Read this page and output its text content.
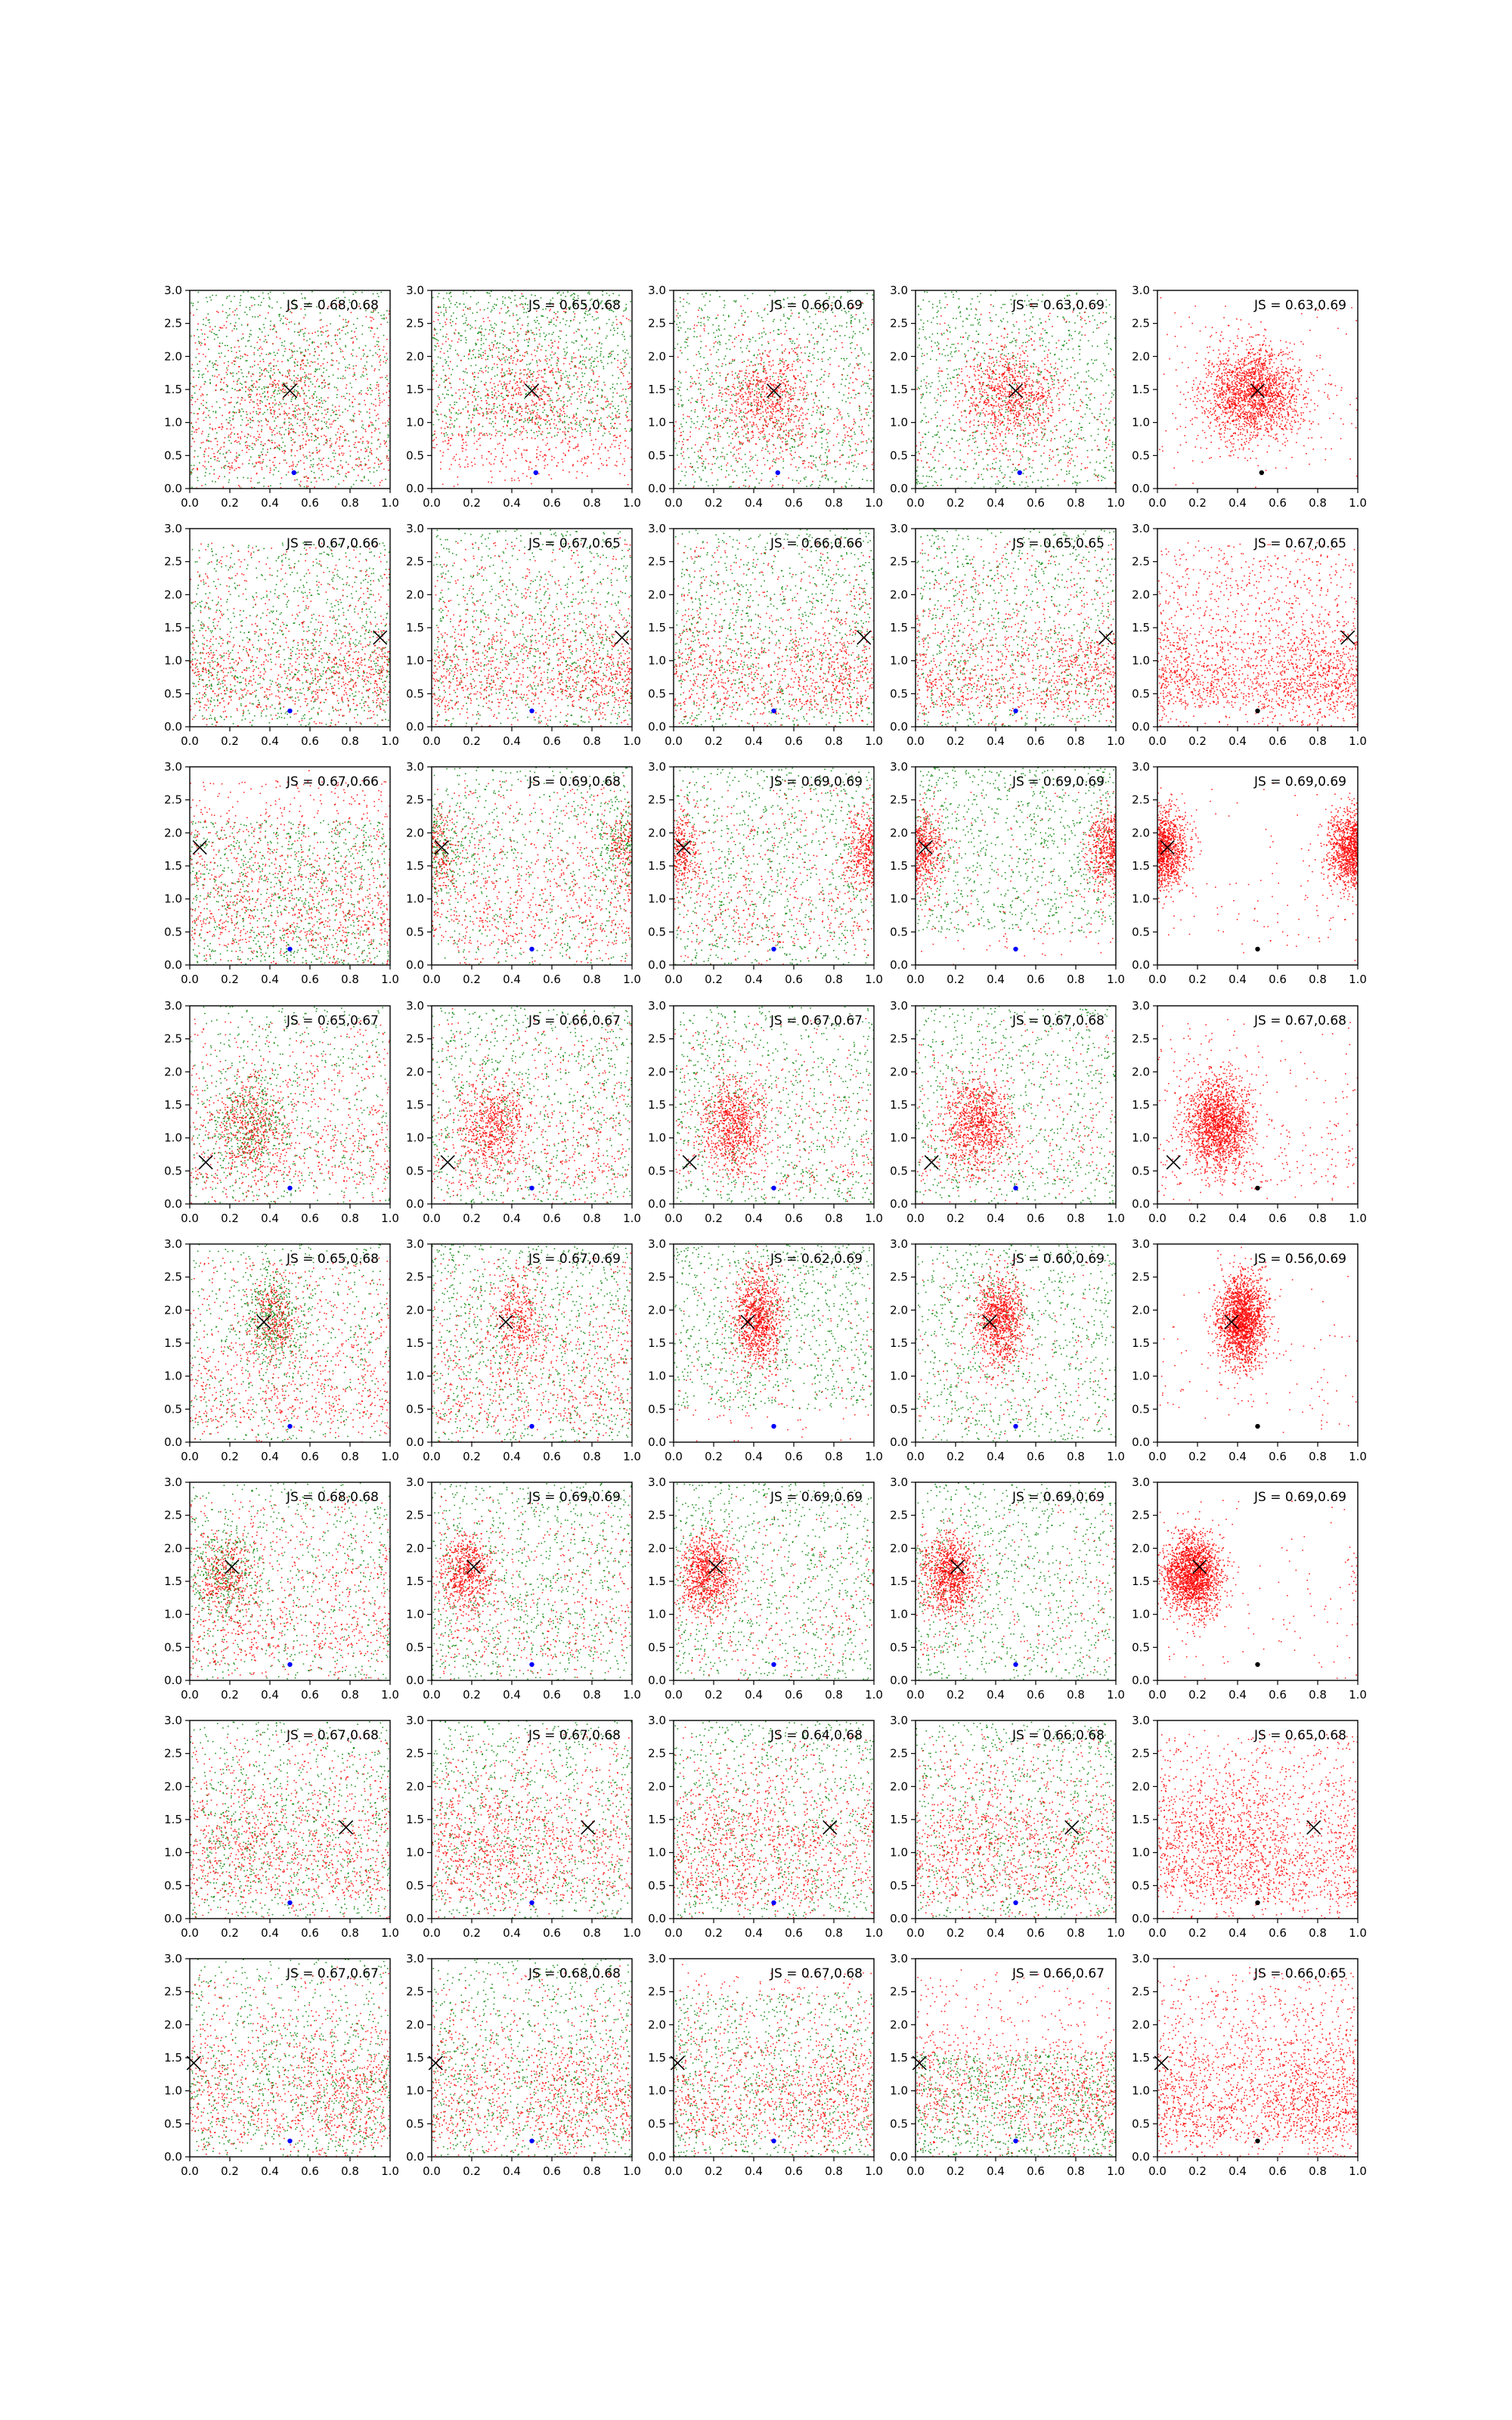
0.0 0.2 0.4 0.6 0.8 1.0
0.0
0.5
1.0
1.5
2.0
2.5
3.0
JS = 0.68,0.68
0.0 0.2 0.4 0.6 0.8 1.0
0.0
0.5
1.0
1.5
2.0
2.5
3.0
JS = 0.65,0.68
0.0 0.2 0.4 0.6 0.8 1.0
0.0
0.5
1.0
1.5
2.0
2.5
3.0
JS = 0.66,0.69
0.0 0.2 0.4 0.6 0.8 1.0
0.0
0.5
1.0
1.5
2.0
2.5
3.0
JS = 0.63,0.69
0.0 0.2 0.4 0.6 0.8 1.0
0.0
0.5
1.0
1.5
2.0
2.5
3.0
JS = 0.63,0.69
0.0 0.2 0.4 0.6 0.8 1.0
0.0
0.5
1.0
1.5
2.0
2.5
3.0
JS = 0.67,0.66
0.0 0.2 0.4 0.6 0.8 1.0
0.0
0.5
1.0
1.5
2.0
2.5
3.0
JS = 0.67,0.65
0.0 0.2 0.4 0.6 0.8 1.0
0.0
0.5
1.0
1.5
2.0
2.5
3.0
JS = 0.66,0.66
0.0 0.2 0.4 0.6 0.8 1.0
0.0
0.5
1.0
1.5
2.0
2.5
3.0
JS = 0.65,0.65
0.0 0.2 0.4 0.6 0.8 1.0
0.0
0.5
1.0
1.5
2.0
2.5
3.0
JS = 0.67,0.65
0.0 0.2 0.4 0.6 0.8 1.0
0.0
0.5
1.0
1.5
2.0
2.5
3.0
JS = 0.67,0.66
0.0 0.2 0.4 0.6 0.8 1.0
0.0
0.5
1.0
1.5
2.0
2.5
3.0
JS = 0.69,0.68
0.0 0.2 0.4 0.6 0.8 1.0
0.0
0.5
1.0
1.5
2.0
2.5
3.0
JS = 0.69,0.69
0.0 0.2 0.4 0.6 0.8 1.0
0.0
0.5
1.0
1.5
2.0
2.5
3.0
JS = 0.69,0.69
0.0 0.2 0.4 0.6 0.8 1.0
0.0
0.5
1.0
1.5
2.0
2.5
3.0
JS = 0.69,0.69
0.0 0.2 0.4 0.6 0.8 1.0
0.0
0.5
1.0
1.5
2.0
2.5
3.0
JS = 0.65,0.67
0.0 0.2 0.4 0.6 0.8 1.0
0.0
0.5
1.0
1.5
2.0
2.5
3.0
JS = 0.66,0.67
0.0 0.2 0.4 0.6 0.8 1.0
0.0
0.5
1.0
1.5
2.0
2.5
3.0
JS = 0.67,0.67
0.0 0.2 0.4 0.6 0.8 1.0
0.0
0.5
1.0
1.5
2.0
2.5
3.0
JS = 0.67,0.68
0.0 0.2 0.4 0.6 0.8 1.0
0.0
0.5
1.0
1.5
2.0
2.5
3.0
JS = 0.67,0.68
0.0 0.2 0.4 0.6 0.8 1.0
0.0
0.5
1.0
1.5
2.0
2.5
3.0
JS = 0.65,0.68
0.0 0.2 0.4 0.6 0.8 1.0
0.0
0.5
1.0
1.5
2.0
2.5
3.0
JS = 0.67,0.69
0.0 0.2 0.4 0.6 0.8 1.0
0.0
0.5
1.0
1.5
2.0
2.5
3.0
JS = 0.62,0.69
0.0 0.2 0.4 0.6 0.8 1.0
0.0
0.5
1.0
1.5
2.0
2.5
3.0
JS = 0.60,0.69
0.0 0.2 0.4 0.6 0.8 1.0
0.0
0.5
1.0
1.5
2.0
2.5
3.0
JS = 0.56,0.69
0.0 0.2 0.4 0.6 0.8 1.0
0.0
0.5
1.0
1.5
2.0
2.5
3.0
JS = 0.68,0.68
0.0 0.2 0.4 0.6 0.8 1.0
0.0
0.5
1.0
1.5
2.0
2.5
3.0
JS = 0.69,0.69
0.0 0.2 0.4 0.6 0.8 1.0
0.0
0.5
1.0
1.5
2.0
2.5
3.0
JS = 0.69,0.69
0.0 0.2 0.4 0.6 0.8 1.0
0.0
0.5
1.0
1.5
2.0
2.5
3.0
JS = 0.69,0.69
0.0 0.2 0.4 0.6 0.8 1.0
0.0
0.5
1.0
1.5
2.0
2.5
3.0
JS = 0.69,0.69
0.0 0.2 0.4 0.6 0.8 1.0
0.0
0.5
1.0
1.5
2.0
2.5
3.0
JS = 0.67,0.68
0.0 0.2 0.4 0.6 0.8 1.0
0.0
0.5
1.0
1.5
2.0
2.5
3.0
JS = 0.67,0.68
0.0 0.2 0.4 0.6 0.8 1.0
0.0
0.5
1.0
1.5
2.0
2.5
3.0
JS = 0.64,0.68
0.0 0.2 0.4 0.6 0.8 1.0
0.0
0.5
1.0
1.5
2.0
2.5
3.0
JS = 0.66,0.68
0.0 0.2 0.4 0.6 0.8 1.0
0.0
0.5
1.0
1.5
2.0
2.5
3.0
JS = 0.65,0.68
0.0 0.2 0.4 0.6 0.8 1.0
0.0
0.5
1.0
1.5
2.0
2.5
3.0
JS = 0.67,0.67
0.0 0.2 0.4 0.6 0.8 1.0
0.0
0.5
1.0
1.5
2.0
2.5
3.0
JS = 0.68,0.68
0.0 0.2 0.4 0.6 0.8 1.0
0.0
0.5
1.0
1.5
2.0
2.5
3.0
JS = 0.67,0.68
0.0 0.2 0.4 0.6 0.8 1.0
0.0
0.5
1.0
1.5
2.0
2.5
3.0
JS = 0.66,0.67
0.0 0.2 0.4 0.6 0.8 1.0
0.0
0.5
1.0
1.5
2.0
2.5
3.0
JS = 0.66,0.65
